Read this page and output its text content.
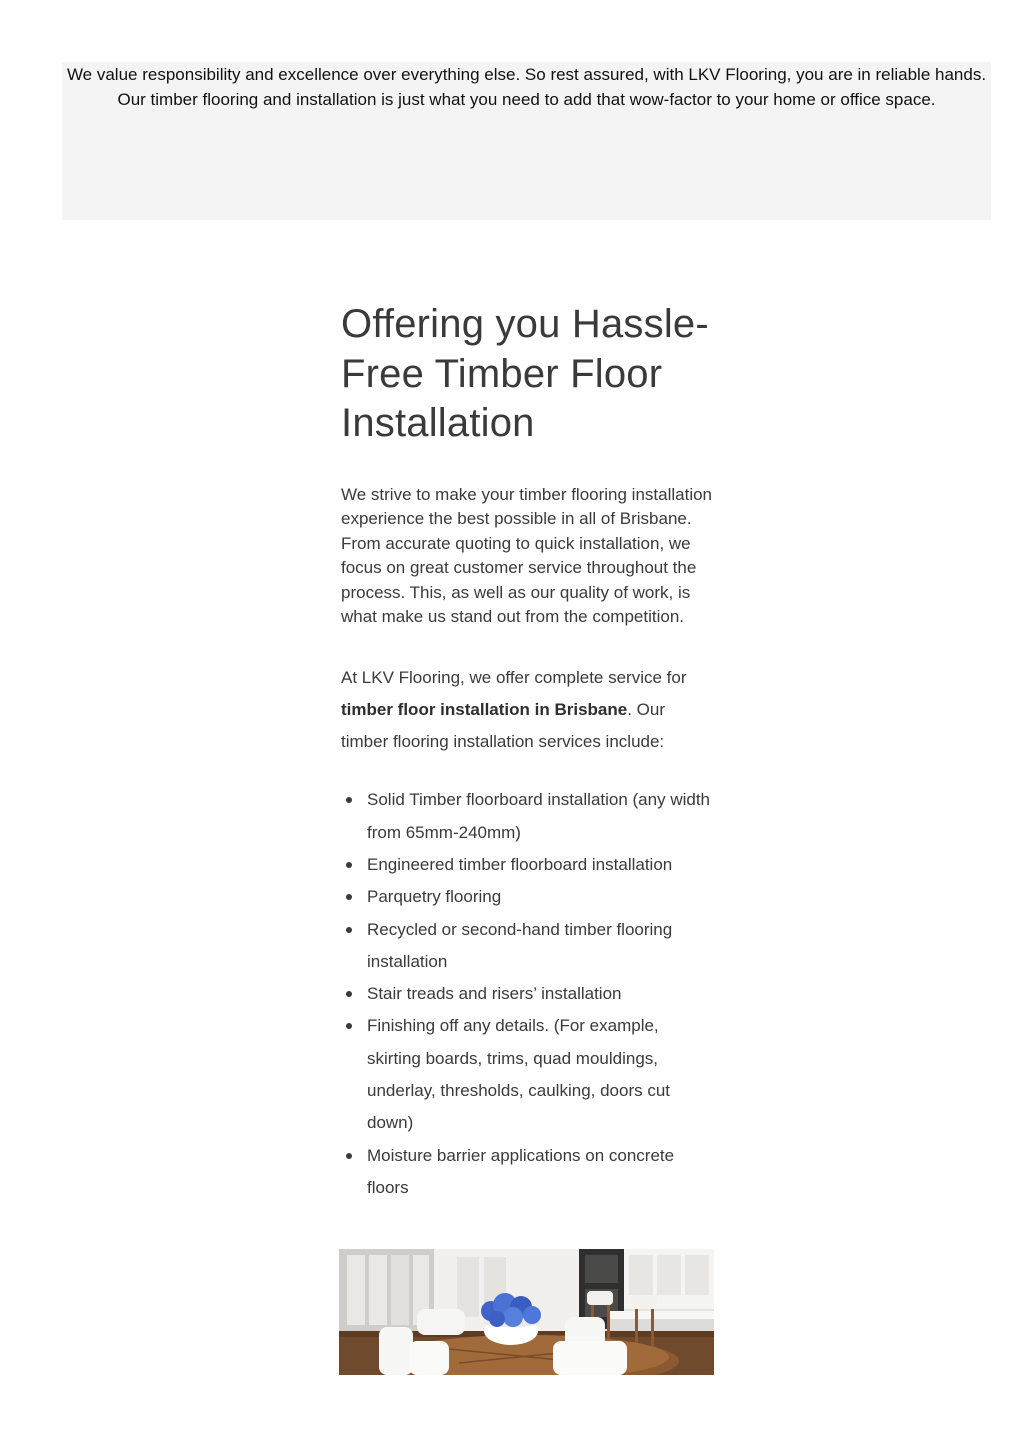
We value responsibility and excellence over everything else. So rest assured, with LKV Flooring, you are in reliable hands. Our timber flooring and installation is just what you need to add that wow-factor to your home or office space.

Offering you Hassle-Free Timber Floor Installation

We strive to make your timber flooring installation experience the best possible in all of Brisbane. From accurate quoting to quick installation, we focus on great customer service throughout the process. This, as well as our quality of work, is what make us stand out from the competition.

At LKV Flooring, we offer complete service for timber floor installation in Brisbane. Our timber flooring installation services include:

Solid Timber floorboard installation (any width from 65mm-240mm)
Engineered timber floorboard installation
Parquetry flooring
Recycled or second-hand timber flooring installation
Stair treads and risers’ installation
Finishing off any details. (For example, skirting boards, trims, quad mouldings, underlay, thresholds, caulking, doors cut down)
Moisture barrier applications on concrete floors
